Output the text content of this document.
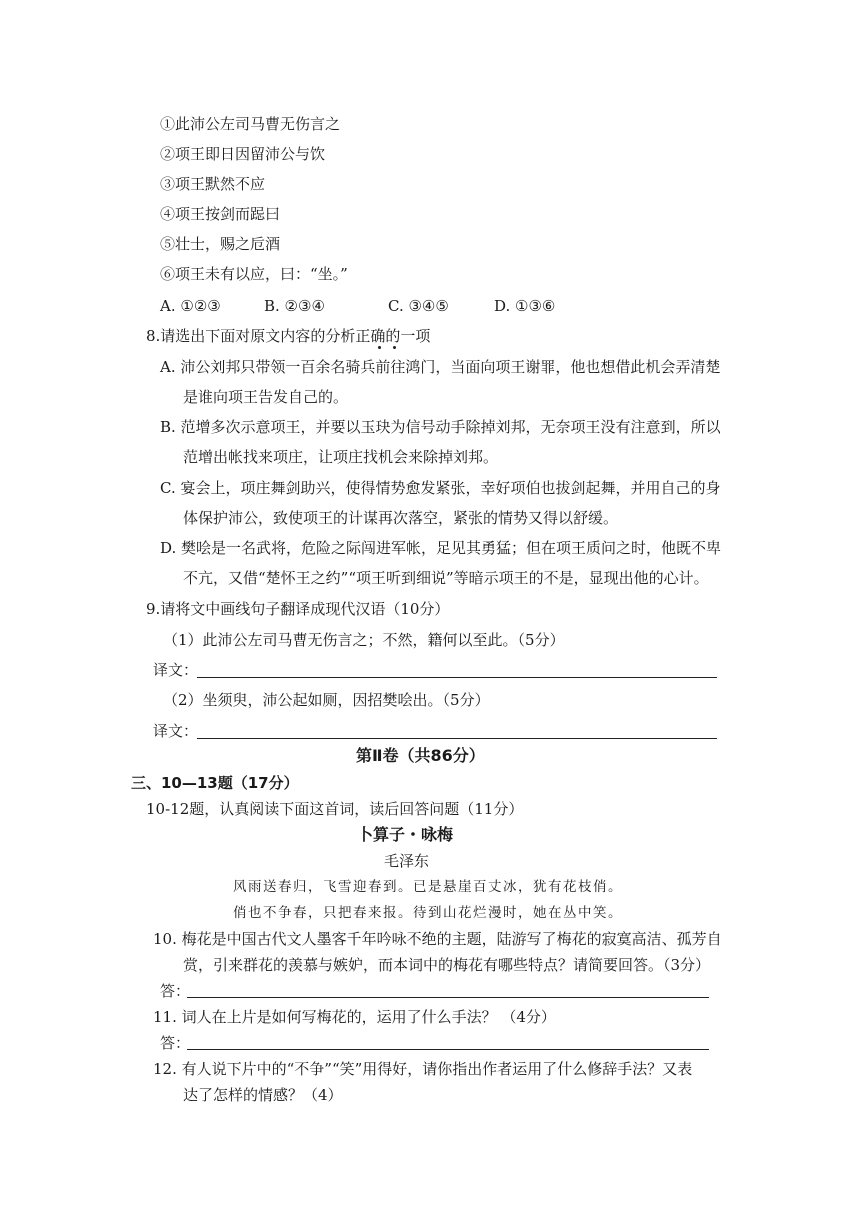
①此沛公左司马曹无伤言之
②项王即日因留沛公与饮
③项王默然不应
④项王按剑而跽曰
⑤壮士，赐之卮酒
⑥项王未有以应，曰：“坐。”
A. ①②③	B. ②③④	C. ③④⑤	D. ①③⑥
8.请选出下面对原文内容的分析正确的一项
A. 沛公刘邦只带领一百余名骑兵前往鸿门，当面向项王谢罪，他也想借此机会弄清楚
是谁向项王告发自己的。
B. 范增多次示意项王，并要以玉玦为信号动手除掉刘邦，无奈项王没有注意到，所以
范增出帐找来项庄，让项庄找机会来除掉刘邦。
C. 宴会上，项庄舞剑助兴，使得情势愈发紧张，幸好项伯也拔剑起舞，并用自己的身
体保护沛公，致使项王的计谋再次落空，紧张的情势又得以舒缓。
D. 樊哙是一名武将，危险之际闯进军帐，足见其勇猛；但在项王质问之时，他既不卑
不亢，又借“楚怀王之约”“项王听到细说”等暗示项王的不是，显现出他的心计。
9.请将文中画线句子翻译成现代汉语（10分）
（1）此沛公左司马曹无伤言之；不然，籍何以至此。（5分）
译文：
（2）坐须臾，沛公起如厕，因招樊哙出。（5分）
译文：
第Ⅱ卷（共86分）
三、10—13题（17分）
10-12题，认真阅读下面这首词，读后回答问题（11分）
卜算子・咏梅
毛泽东
风雨送春归，飞雪迎春到。已是悬崖百丈冰，犹有花枝俏。
俏也不争春，只把春来报。待到山花烂漫时，她在丛中笑。
10. 梅花是中国古代文人墨客千年吟咏不绝的主题，陆游写了梅花的寂寞高洁、孤芳自
赏，引来群花的羡慕与嫉妒，而本词中的梅花有哪些特点？请简要回答。（3分）
答：
11. 词人在上片是如何写梅花的，运用了什么手法？ （4分）
答：
12. 有人说下片中的“不争”“笑”用得好，请你指出作者运用了什么修辞手法？又表
达了怎样的情感？（4）
